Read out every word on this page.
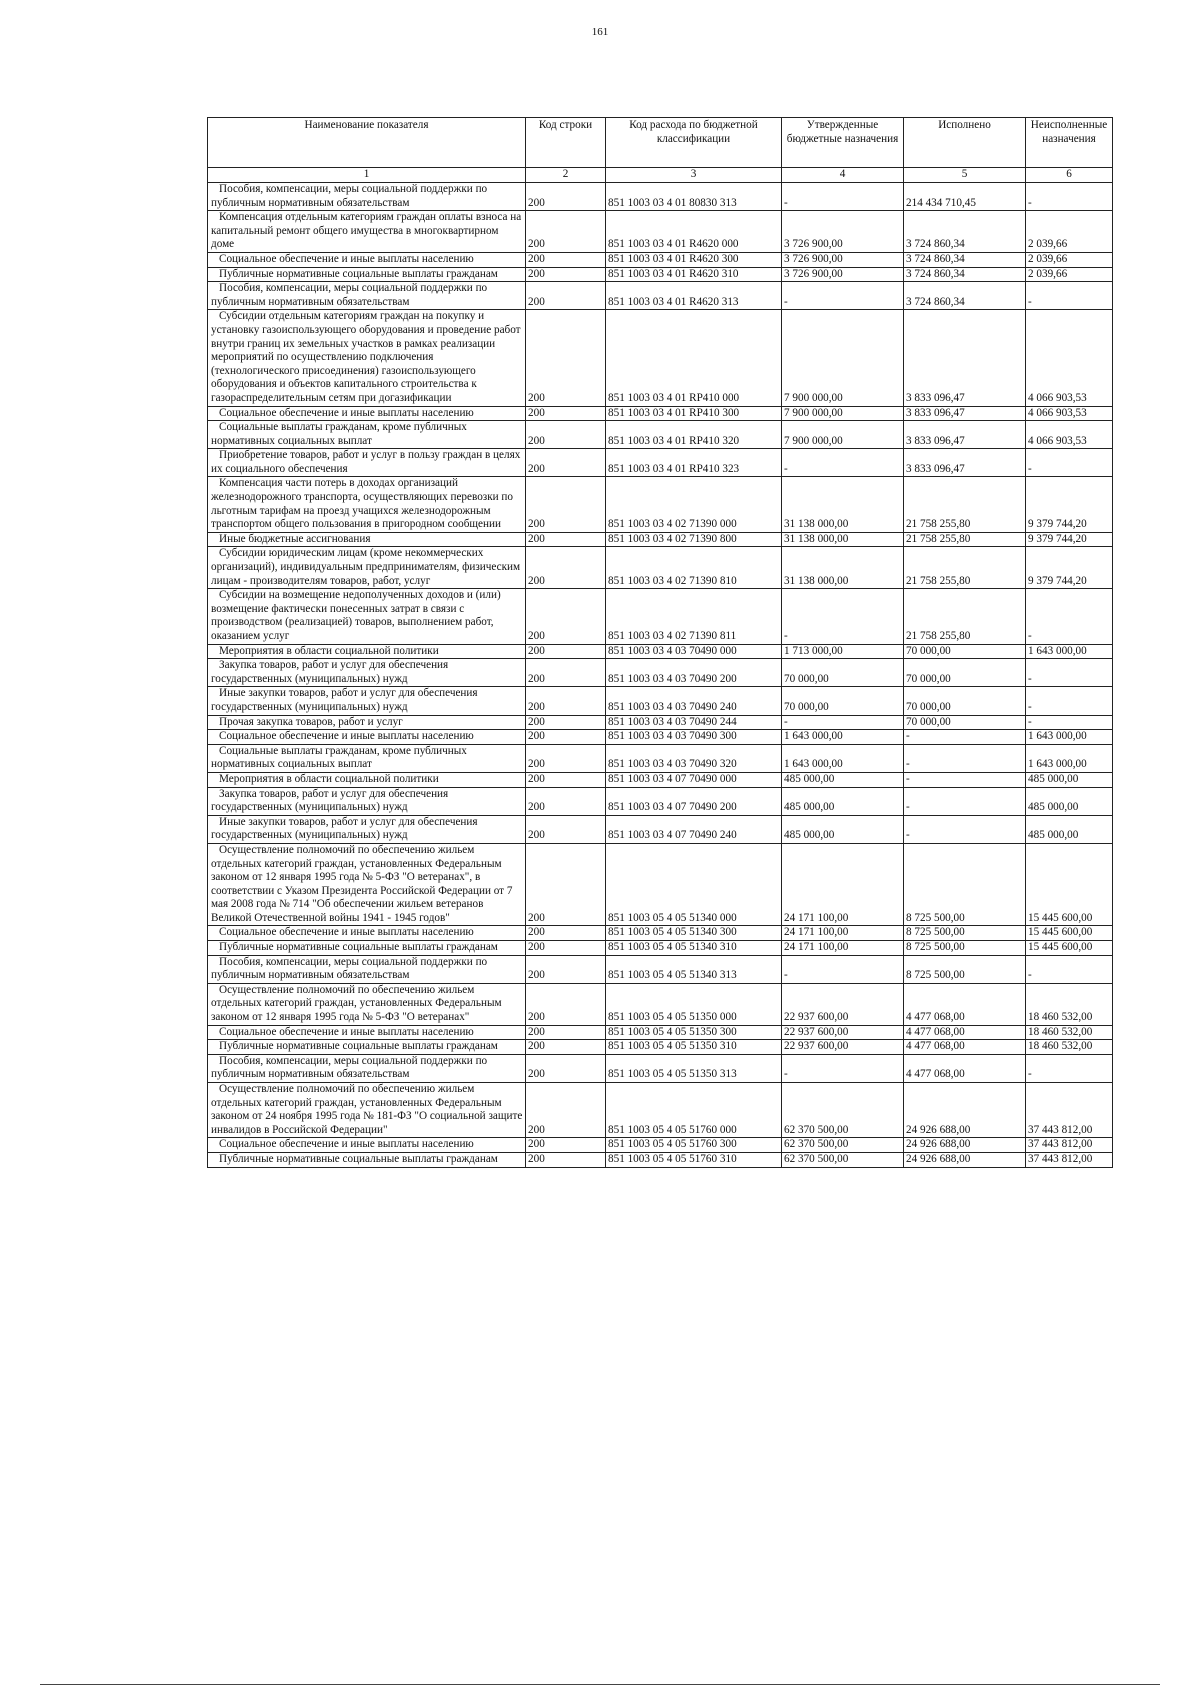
161
Наименование показателя	Код строки	Код расхода по бюджетной классификации	Утвержденные бюджетные назначения	Исполнено	Неисполненные назначения
1	2	3	4	5	6
Пособия, компенсации, меры социальной поддержки по публичным нормативным обязательствам	200	851 1003 03 4 01 80830 313	-	214 434 710,45	-
Компенсация отдельным категориям граждан оплаты взноса на капитальный ремонт общего имущества в многоквартирном доме	200	851 1003 03 4 01 R4620 000	3 726 900,00	3 724 860,34	2 039,66
Социальное обеспечение и иные выплаты населению	200	851 1003 03 4 01 R4620 300	3 726 900,00	3 724 860,34	2 039,66
Публичные нормативные социальные выплаты гражданам	200	851 1003 03 4 01 R4620 310	3 726 900,00	3 724 860,34	2 039,66
Пособия, компенсации, меры социальной поддержки по публичным нормативным обязательствам	200	851 1003 03 4 01 R4620 313	-	3 724 860,34	-
Субсидии отдельным категориям граждан на покупку и установку газоиспользующего оборудования и проведение работ внутри границ их земельных участков в рамках реализации мероприятий по осуществлению подключения (технологического присоединения) газоиспользующего оборудования и объектов капитального строительства к газораспределительным сетям при догазификации	200	851 1003 03 4 01 RP410 000	7 900 000,00	3 833 096,47	4 066 903,53
Социальное обеспечение и иные выплаты населению	200	851 1003 03 4 01 RP410 300	7 900 000,00	3 833 096,47	4 066 903,53
Социальные выплаты гражданам, кроме публичных нормативных социальных выплат	200	851 1003 03 4 01 RP410 320	7 900 000,00	3 833 096,47	4 066 903,53
Приобретение товаров, работ и услуг в пользу граждан в целях их социального обеспечения	200	851 1003 03 4 01 RP410 323	-	3 833 096,47	-
Компенсация части потерь в доходах организаций железнодорожного транспорта, осуществляющих перевозки по льготным тарифам на проезд учащихся железнодорожным транспортом общего пользования в пригородном сообщении	200	851 1003 03 4 02 71390 000	31 138 000,00	21 758 255,80	9 379 744,20
Иные бюджетные ассигнования	200	851 1003 03 4 02 71390 800	31 138 000,00	21 758 255,80	9 379 744,20
Субсидии юридическим лицам (кроме некоммерческих организаций), индивидуальным предпринимателям, физическим лицам - производителям товаров, работ, услуг	200	851 1003 03 4 02 71390 810	31 138 000,00	21 758 255,80	9 379 744,20
Субсидии на возмещение недополученных доходов и (или) возмещение фактически понесенных затрат в связи с производством (реализацией) товаров, выполнением работ, оказанием услуг	200	851 1003 03 4 02 71390 811	-	21 758 255,80	-
Мероприятия в области социальной политики	200	851 1003 03 4 03 70490 000	1 713 000,00	70 000,00	1 643 000,00
Закупка товаров, работ и услуг для обеспечения государственных (муниципальных) нужд	200	851 1003 03 4 03 70490 200	70 000,00	70 000,00	-
Иные закупки товаров, работ и услуг для обеспечения государственных (муниципальных) нужд	200	851 1003 03 4 03 70490 240	70 000,00	70 000,00	-
Прочая закупка товаров, работ и услуг	200	851 1003 03 4 03 70490 244	-	70 000,00	-
Социальное обеспечение и иные выплаты населению	200	851 1003 03 4 03 70490 300	1 643 000,00	-	1 643 000,00
Социальные выплаты гражданам, кроме публичных нормативных социальных выплат	200	851 1003 03 4 03 70490 320	1 643 000,00	-	1 643 000,00
Мероприятия в области социальной политики	200	851 1003 03 4 07 70490 000	485 000,00	-	485 000,00
Закупка товаров, работ и услуг для обеспечения государственных (муниципальных) нужд	200	851 1003 03 4 07 70490 200	485 000,00	-	485 000,00
Иные закупки товаров, работ и услуг для обеспечения государственных (муниципальных) нужд	200	851 1003 03 4 07 70490 240	485 000,00	-	485 000,00
Осуществление полномочий по обеспечению жильем отдельных категорий граждан, установленных Федеральным законом от 12 января 1995 года № 5-ФЗ "О ветеранах", в соответствии с Указом Президента Российской Федерации от 7 мая 2008 года № 714 "Об обеспечении жильем ветеранов Великой Отечественной войны 1941 - 1945 годов"	200	851 1003 05 4 05 51340 000	24 171 100,00	8 725 500,00	15 445 600,00
Социальное обеспечение и иные выплаты населению	200	851 1003 05 4 05 51340 300	24 171 100,00	8 725 500,00	15 445 600,00
Публичные нормативные социальные выплаты гражданам	200	851 1003 05 4 05 51340 310	24 171 100,00	8 725 500,00	15 445 600,00
Пособия, компенсации, меры социальной поддержки по публичным нормативным обязательствам	200	851 1003 05 4 05 51340 313	-	8 725 500,00	-
Осуществление полномочий по обеспечению жильем отдельных категорий граждан, установленных Федеральным законом от 12 января 1995 года № 5-ФЗ "О ветеранах"	200	851 1003 05 4 05 51350 000	22 937 600,00	4 477 068,00	18 460 532,00
Социальное обеспечение и иные выплаты населению	200	851 1003 05 4 05 51350 300	22 937 600,00	4 477 068,00	18 460 532,00
Публичные нормативные социальные выплаты гражданам	200	851 1003 05 4 05 51350 310	22 937 600,00	4 477 068,00	18 460 532,00
Пособия, компенсации, меры социальной поддержки по публичным нормативным обязательствам	200	851 1003 05 4 05 51350 313	-	4 477 068,00	-
Осуществление полномочий по обеспечению жильем отдельных категорий граждан, установленных Федеральным законом от 24 ноября 1995 года № 181-ФЗ "О социальной защите инвалидов в Российской Федерации"	200	851 1003 05 4 05 51760 000	62 370 500,00	24 926 688,00	37 443 812,00
Социальное обеспечение и иные выплаты населению	200	851 1003 05 4 05 51760 300	62 370 500,00	24 926 688,00	37 443 812,00
Публичные нормативные социальные выплаты гражданам	200	851 1003 05 4 05 51760 310	62 370 500,00	24 926 688,00	37 443 812,00
